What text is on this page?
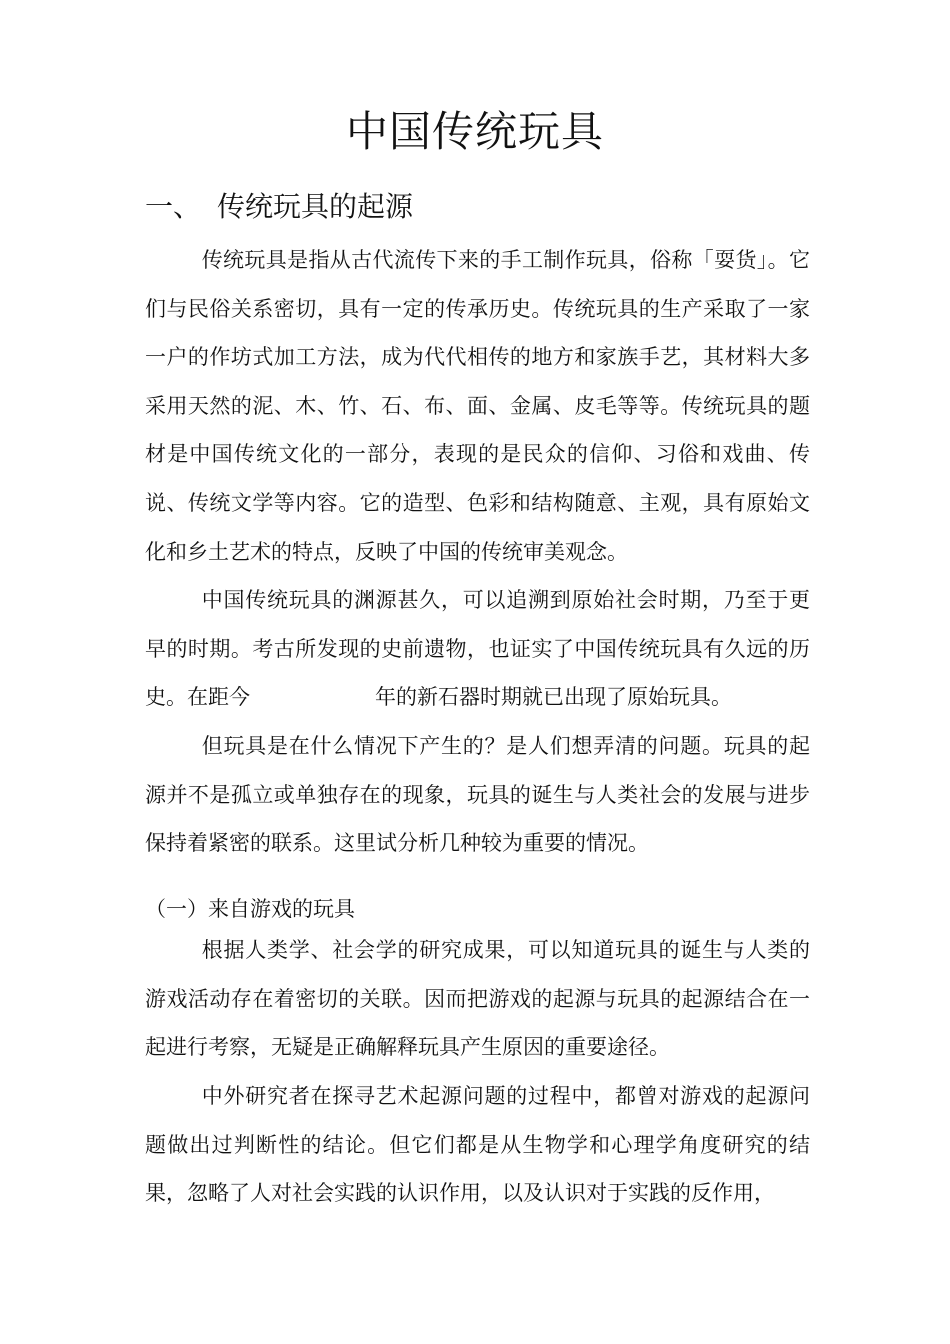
中国传统玩具
一、 传统玩具的起源

传统玩具是指从古代流传下来的手工制作玩具，俗称「耍货」。它们与民俗关系密切，具有一定的传承历史。传统玩具的生产采取了一家一户的作坊式加工方法，成为代代相传的地方和家族手艺，其材料大多采用天然的泥、木、竹、石、布、面、金属、皮毛等等。传统玩具的题材是中国传统文化的一部分，表现的是民众的信仰、习俗和戏曲、传说、传统文学等内容。它的造型、色彩和结构随意、主观，具有原始文化和乡土艺术的特点，反映了中国的传统审美观念。

中国传统玩具的渊源甚久，可以追溯到原始社会时期，乃至于更早的时期。考古所发现的史前遗物，也证实了中国传统玩具有久远的历史。在距今	年的新石器时期就已出现了原始玩具。

但玩具是在什么情况下产生的？是人们想弄清的问题。玩具的起源并不是孤立或单独存在的现象，玩具的诞生与人类社会的发展与进步保持着紧密的联系。这里试分析几种较为重要的情况。

（一）来自游戏的玩具

根据人类学、社会学的研究成果，可以知道玩具的诞生与人类的游戏活动存在着密切的关联。因而把游戏的起源与玩具的起源结合在一起进行考察，无疑是正确解释玩具产生原因的重要途径。

中外研究者在探寻艺术起源问题的过程中，都曾对游戏的起源问题做出过判断性的结论。但它们都是从生物学和心理学角度研究的结果，忽略了人对社会实践的认识作用，以及认识对于实践的反作用，
